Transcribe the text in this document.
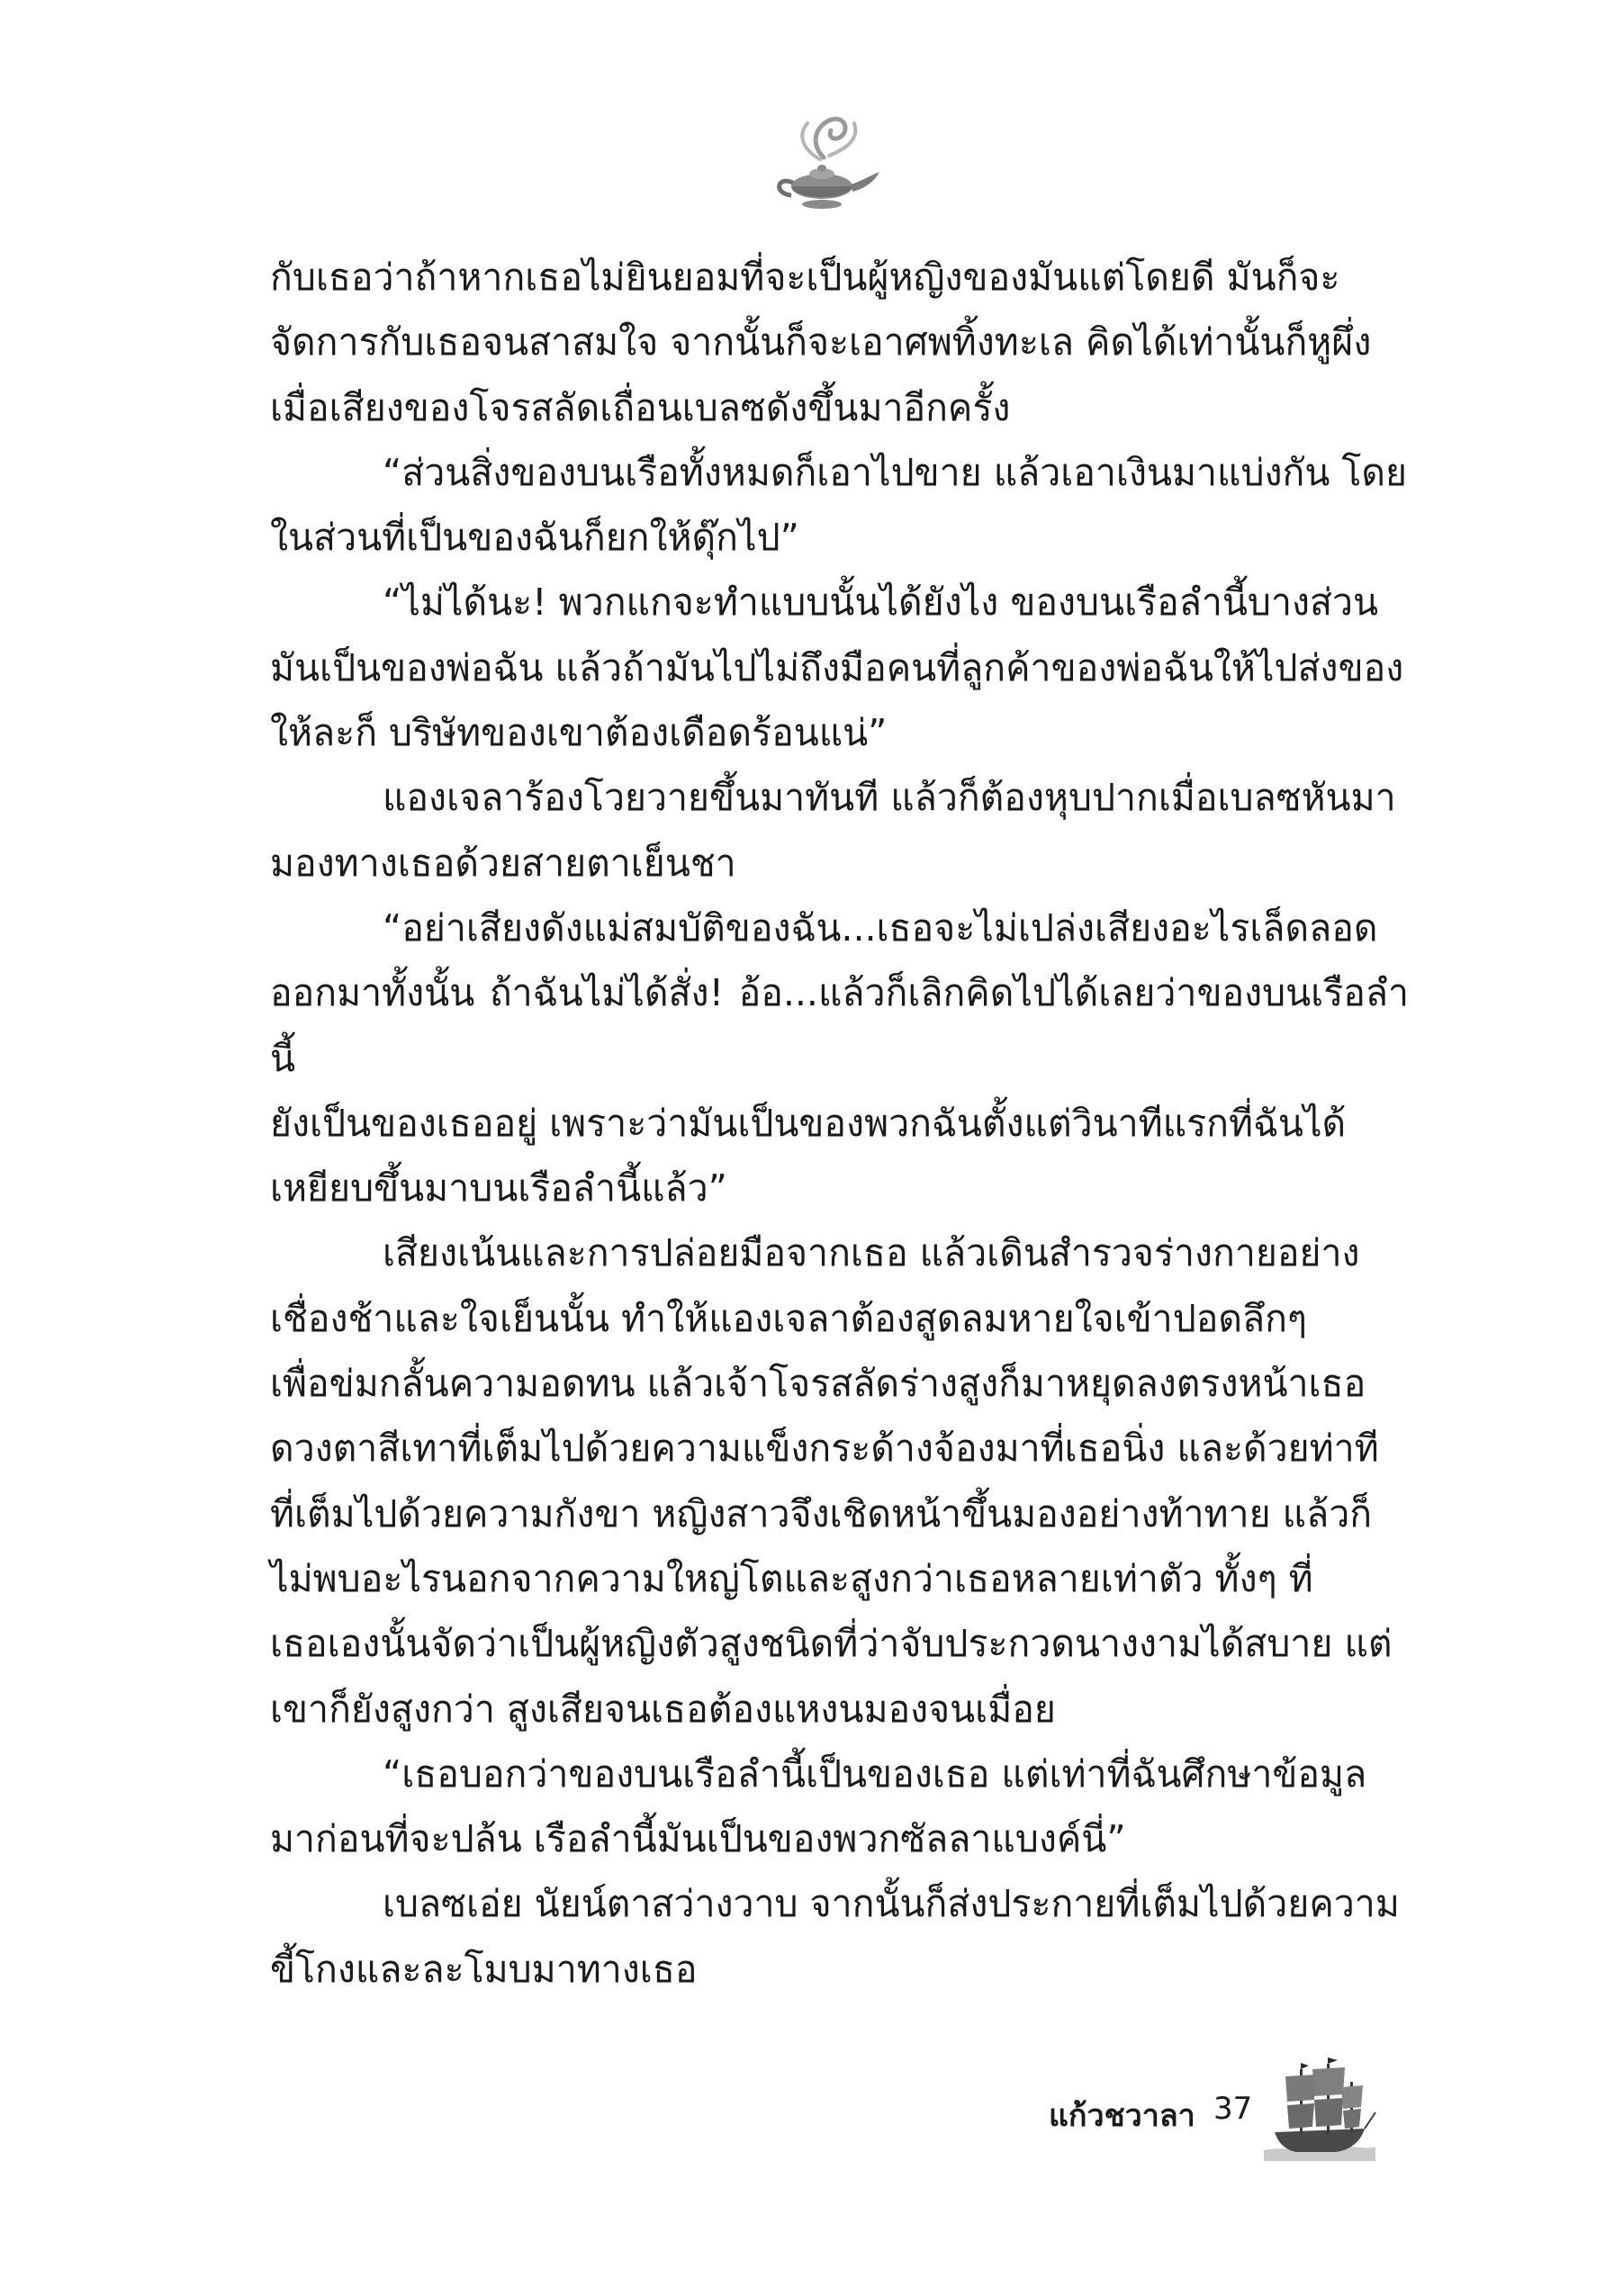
กับเธอว่าถ้าหากเธอไม่ยินยอมที่จะเป็นผู้หญิงของมันแต่โดยดี มันก็จะ
จัดการกับเธอจนสาสมใจ จากนั้นก็จะเอาศพทิ้งทะเล คิดได้เท่านั้นก็หูผึ่ง
เมื่อเสียงของโจรสลัดเถื่อนเบลซดังขึ้นมาอีกครั้ง

“ส่วนสิ่งของบนเรือทั้งหมดก็เอาไปขาย แล้วเอาเงินมาแบ่งกัน โดย
ในส่วนที่เป็นของฉันก็ยกให้ดุ๊กไป”

“ไม่ได้นะ! พวกแกจะทำแบบนั้นได้ยังไง ของบนเรือลำนี้บางส่วน
มันเป็นของพ่อฉัน แล้วถ้ามันไปไม่ถึงมือคนที่ลูกค้าของพ่อฉันให้ไปส่งของ
ให้ละก็ บริษัทของเขาต้องเดือดร้อนแน่”

แองเจลาร้องโวยวายขึ้นมาทันที แล้วก็ต้องหุบปากเมื่อเบลซหันมา
มองทางเธอด้วยสายตาเย็นชา

“อย่าเสียงดังแม่สมบัติของฉัน...เธอจะไม่เปล่งเสียงอะไรเล็ดลอด
ออกมาทั้งนั้น ถ้าฉันไม่ได้สั่ง! อ้อ...แล้วก็เลิกคิดไปได้เลยว่าของบนเรือลำนี้
ยังเป็นของเธออยู่ เพราะว่ามันเป็นของพวกฉันตั้งแต่วินาทีแรกที่ฉันได้
เหยียบขึ้นมาบนเรือลำนี้แล้ว”

เสียงเน้นและการปล่อยมือจากเธอ แล้วเดินสำรวจร่างกายอย่าง
เชื่องช้าและใจเย็นนั้น ทำให้แองเจลาต้องสูดลมหายใจเข้าปอดลึกๆ
เพื่อข่มกลั้นความอดทน แล้วเจ้าโจรสลัดร่างสูงก็มาหยุดลงตรงหน้าเธอ
ดวงตาสีเทาที่เต็มไปด้วยความแข็งกระด้างจ้องมาที่เธอนิ่ง และด้วยท่าที
ที่เต็มไปด้วยความกังขา หญิงสาวจึงเชิดหน้าขึ้นมองอย่างท้าทาย แล้วก็
ไม่พบอะไรนอกจากความใหญ่โตและสูงกว่าเธอหลายเท่าตัว ทั้งๆ ที่
เธอเองนั้นจัดว่าเป็นผู้หญิงตัวสูงชนิดที่ว่าจับประกวดนางงามได้สบาย แต่
เขาก็ยังสูงกว่า สูงเสียจนเธอต้องแหงนมองจนเมื่อย

“เธอบอกว่าของบนเรือลำนี้เป็นของเธอ แต่เท่าที่ฉันศึกษาข้อมูล
มาก่อนที่จะปล้น เรือลำนี้มันเป็นของพวกซัลลาแบงค์นี่”

เบลซเอ่ย นัยน์ตาสว่างวาบ จากนั้นก็ส่งประกายที่เต็มไปด้วยความ
ขี้โกงและละโมบมาทางเธอ

แก้วชวาลา 37
